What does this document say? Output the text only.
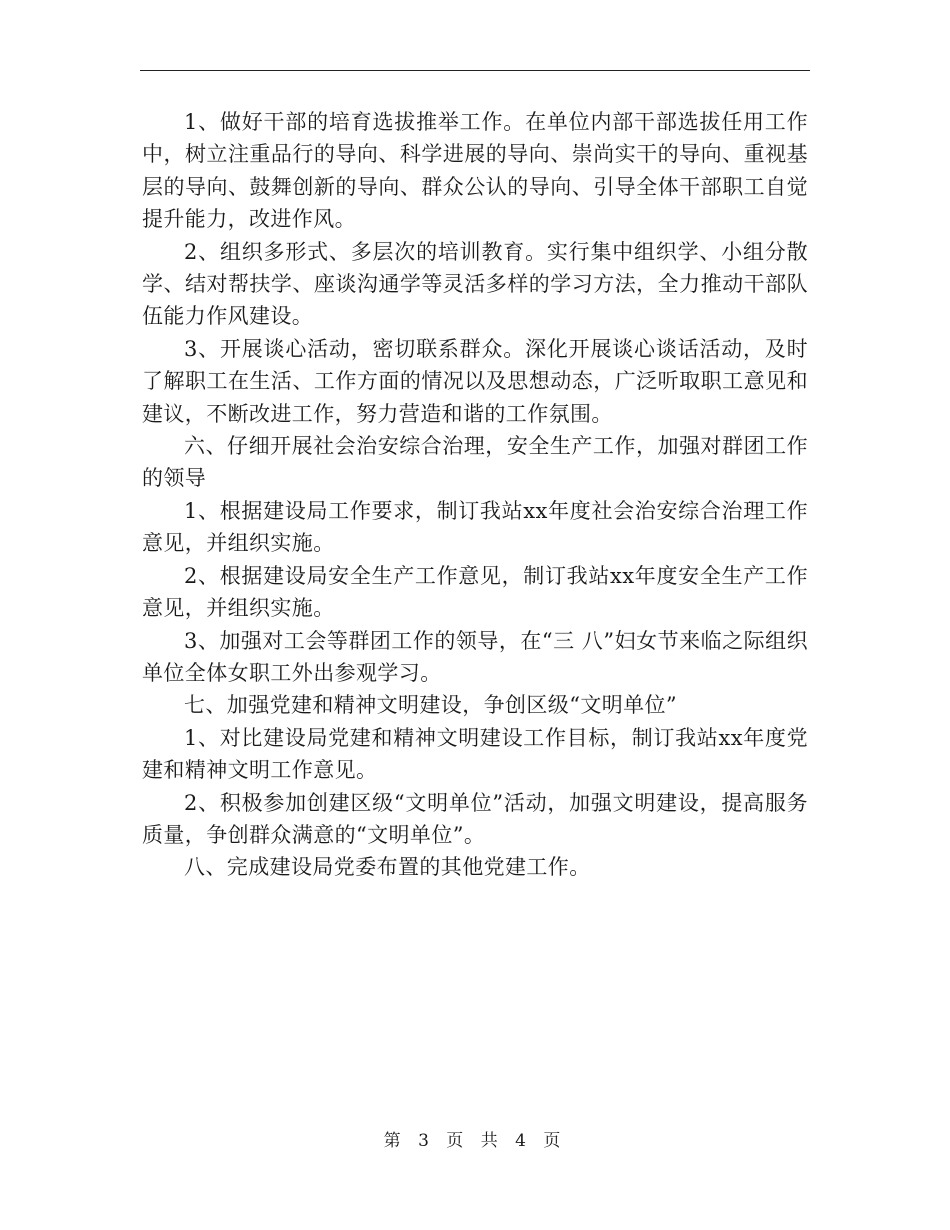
1、做好干部的培育选拔推举工作。在单位内部干部选拔任用工作中，树立注重品行的导向、科学进展的导向、崇尚实干的导向、重视基层的导向、鼓舞创新的导向、群众公认的导向、引导全体干部职工自觉提升能力，改进作风。

2、组织多形式、多层次的培训教育。实行集中组织学、小组分散学、结对帮扶学、座谈沟通学等灵活多样的学习方法，全力推动干部队伍能力作风建设。

3、开展谈心活动，密切联系群众。深化开展谈心谈话活动，及时了解职工在生活、工作方面的情况以及思想动态，广泛听取职工意见和建议，不断改进工作，努力营造和谐的工作氛围。

六、仔细开展社会治安综合治理，安全生产工作，加强对群团工作的领导

1、根据建设局工作要求，制订我站xx年度社会治安综合治理工作意见，并组织实施。

2、根据建设局安全生产工作意见，制订我站xx年度安全生产工作意见，并组织实施。

3、加强对工会等群团工作的领导，在“三 八”妇女节来临之际组织单位全体女职工外出参观学习。

七、加强党建和精神文明建设，争创区级“文明单位”

1、对比建设局党建和精神文明建设工作目标，制订我站xx年度党建和精神文明工作意见。

2、积极参加创建区级“文明单位”活动，加强文明建设，提高服务质量，争创群众满意的“文明单位”。

八、完成建设局党委布置的其他党建工作。

第 3 页 共 4 页
